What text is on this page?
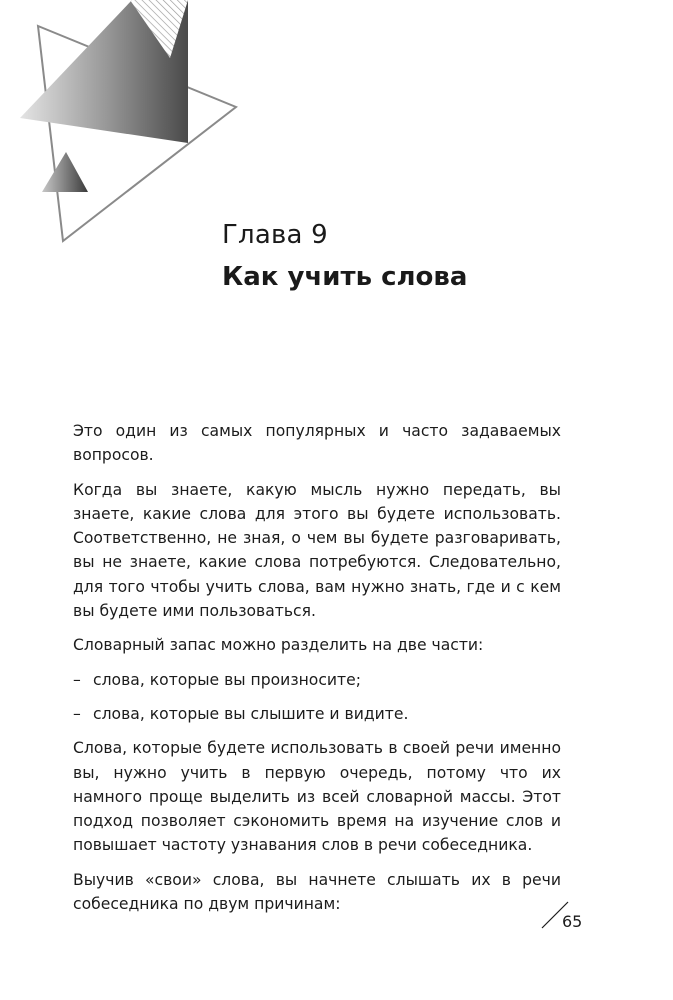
Глава 9
Как учить слова

Это один из самых популярных и часто задаваемых вопросов.

Когда вы знаете, какую мысль нужно передать, вы знаете, какие слова для этого вы будете использовать. Соответственно, не зная, о чем вы будете разговаривать, вы не знаете, какие слова потребуются. Следовательно, для того чтобы учить слова, вам нужно знать, где и с кем вы будете ими пользоваться.

Словарный запас можно разделить на две части:

– слова, которые вы произносите;

– слова, которые вы слышите и видите.

Слова, которые будете использовать в своей речи именно вы, нужно учить в первую очередь, потому что их намного проще выделить из всей словарной массы. Этот подход позволяет сэкономить время на изучение слов и повышает частоту узнавания слов в речи собеседника.

Выучив «свои» слова, вы начнете слышать их в речи собеседника по двум причинам:

65
